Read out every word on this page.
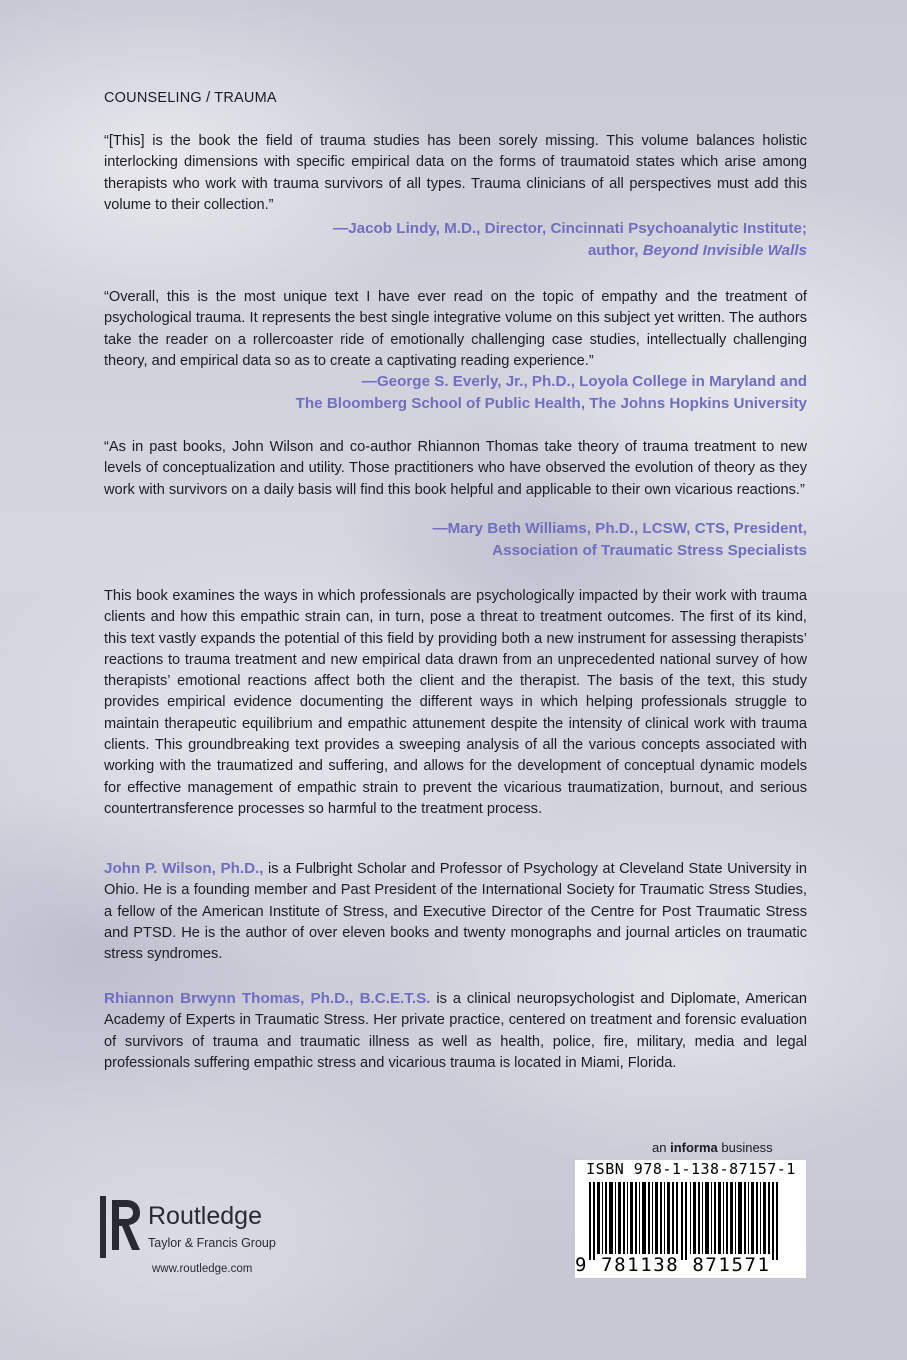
COUNSELING / TRAUMA
“[This] is the book the field of trauma studies has been sorely missing. This volume balances holistic interlocking dimensions with specific empirical data on the forms of traumatoid states which arise among therapists who work with trauma survivors of all types. Trauma clinicians of all perspectives must add this volume to their collection.”
—Jacob Lindy, M.D., Director, Cincinnati Psychoanalytic Institute;
author, Beyond Invisible Walls
“Overall, this is the most unique text I have ever read on the topic of empathy and the treatment of psychological trauma. It represents the best single integrative volume on this subject yet written. The authors take the reader on a rollercoaster ride of emotionally challenging case studies, intellectually challenging theory, and empirical data so as to create a captivating reading experience.”
—George S. Everly, Jr., Ph.D., Loyola College in Maryland and
The Bloomberg School of Public Health, The Johns Hopkins University
“As in past books, John Wilson and co-author Rhiannon Thomas take theory of trauma treatment to new levels of conceptualization and utility. Those practitioners who have observed the evolution of theory as they work with survivors on a daily basis will find this book helpful and applicable to their own vicarious reactions.”
—Mary Beth Williams, Ph.D., LCSW, CTS, President,
Association of Traumatic Stress Specialists
This book examines the ways in which professionals are psychologically impacted by their work with trauma clients and how this empathic strain can, in turn, pose a threat to treatment outcomes. The first of its kind, this text vastly expands the potential of this field by providing both a new instrument for assessing therapists’ reactions to trauma treatment and new empirical data drawn from an unprecedented national survey of how therapists’ emotional reactions affect both the client and the therapist. The basis of the text, this study provides empirical evidence documenting the different ways in which helping professionals struggle to maintain therapeutic equilibrium and empathic attunement despite the intensity of clinical work with trauma clients. This groundbreaking text provides a sweeping analysis of all the various concepts associated with working with the traumatized and suffering, and allows for the development of conceptual dynamic models for effective management of empathic strain to prevent the vicarious traumatization, burnout, and serious countertransference processes so harmful to the treatment process.
John P. Wilson, Ph.D., is a Fulbright Scholar and Professor of Psychology at Cleveland State University in Ohio. He is a founding member and Past President of the International Society for Traumatic Stress Studies, a fellow of the American Institute of Stress, and Executive Director of the Centre for Post Traumatic Stress and PTSD. He is the author of over eleven books and twenty monographs and journal articles on traumatic stress syndromes.
Rhiannon Brwynn Thomas, Ph.D., B.C.E.T.S. is a clinical neuropsychologist and Diplomate, American Academy of Experts in Traumatic Stress. Her private practice, centered on treatment and forensic evaluation of survivors of trauma and traumatic illness as well as health, police, fire, military, media and legal professionals suffering empathic stress and vicarious trauma is located in Miami, Florida.
an informa business
ISBN 978-1-138-87157-1
9 781138 871571
Routledge
Taylor & Francis Group
www.routledge.com
